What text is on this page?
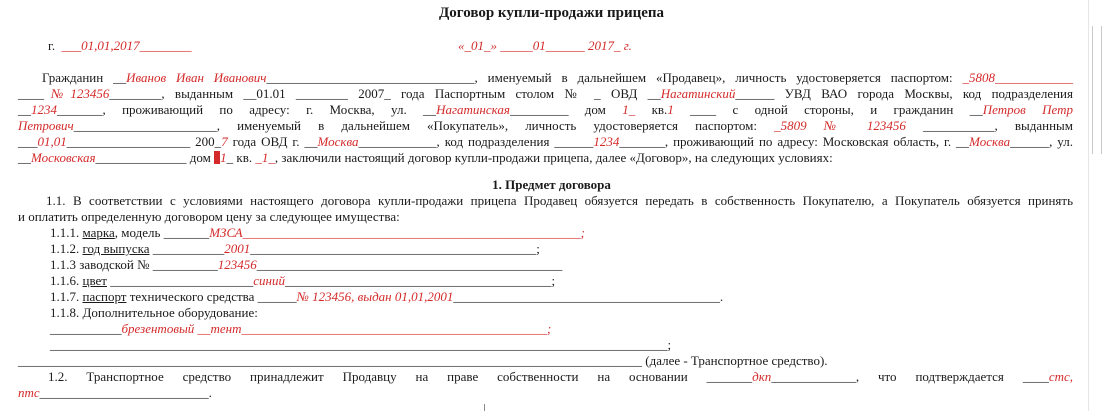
Договор купли-продажи прицепа
г. ___01,01,2017________	«_01_» _____01______ 2017_ г.
Гражданин __Иванов Иван Иванович________________________________, именуемый в дальнейшем «Продавец», личность удостоверяется паспортом: _5808____________
____№123456________, выданным __01.01 ________ 2007_ года Паспортным столом № _ ОВД __Нагатинский______ УВД ВАО города Москвы, код подразделения
__1234_______, проживающий по адресу: г. Москва, ул. __Нагатинская_________ дом 1_ кв.1 ____ с одной стороны, и гражданин __Петров Петр
Петрович______________________, именуемый в дальнейшем «Покупатель», личность удостоверяется паспортом: _5809 № 123456 ___________, выданным
___01,01___________________ 200_7 года ОВД г. __Москва____________, код подразделения ______1234_______, проживающий по адресу: Московская область, г. __Москва______, ул.
__Московская______________ дом 1_ кв. _1_, заключили настоящий договор купли-продажи прицепа, далее «Договор», на следующих условиях:
1. Предмет договора
1.1. В соответствии с условиями настоящего договора купли-продажи прицепа Продавец обязуется передать в собственность Покупателю, а Покупатель обязуется принять
и оплатить определенную договором цену за следующее имущества:
1.1.1. марка, модель _______МЗСА____________________________________________________;
1.1.2. год выпуска ___________2001____________________________________________;
1.1.3 заводской № __________123456_______________________________________________
1.1.6. цвет ______________________синий_________________________________________;
1.1.7. паспорт технического средства ______№ 123456, выдан 01,01,2001_________________________________________.
1.1.8. Дополнительное оборудование:
___________брезентовый __тент_______________________________________________;
_______________________________________________________________________________________________;
________________________________________________________________________________________________ (далее - Транспортное средство).
1.2. Транспортное средство принадлежит Продавцу на праве собственности на основании _______дкп_____________, что подтверждается ____стс,
птс__________________________.
